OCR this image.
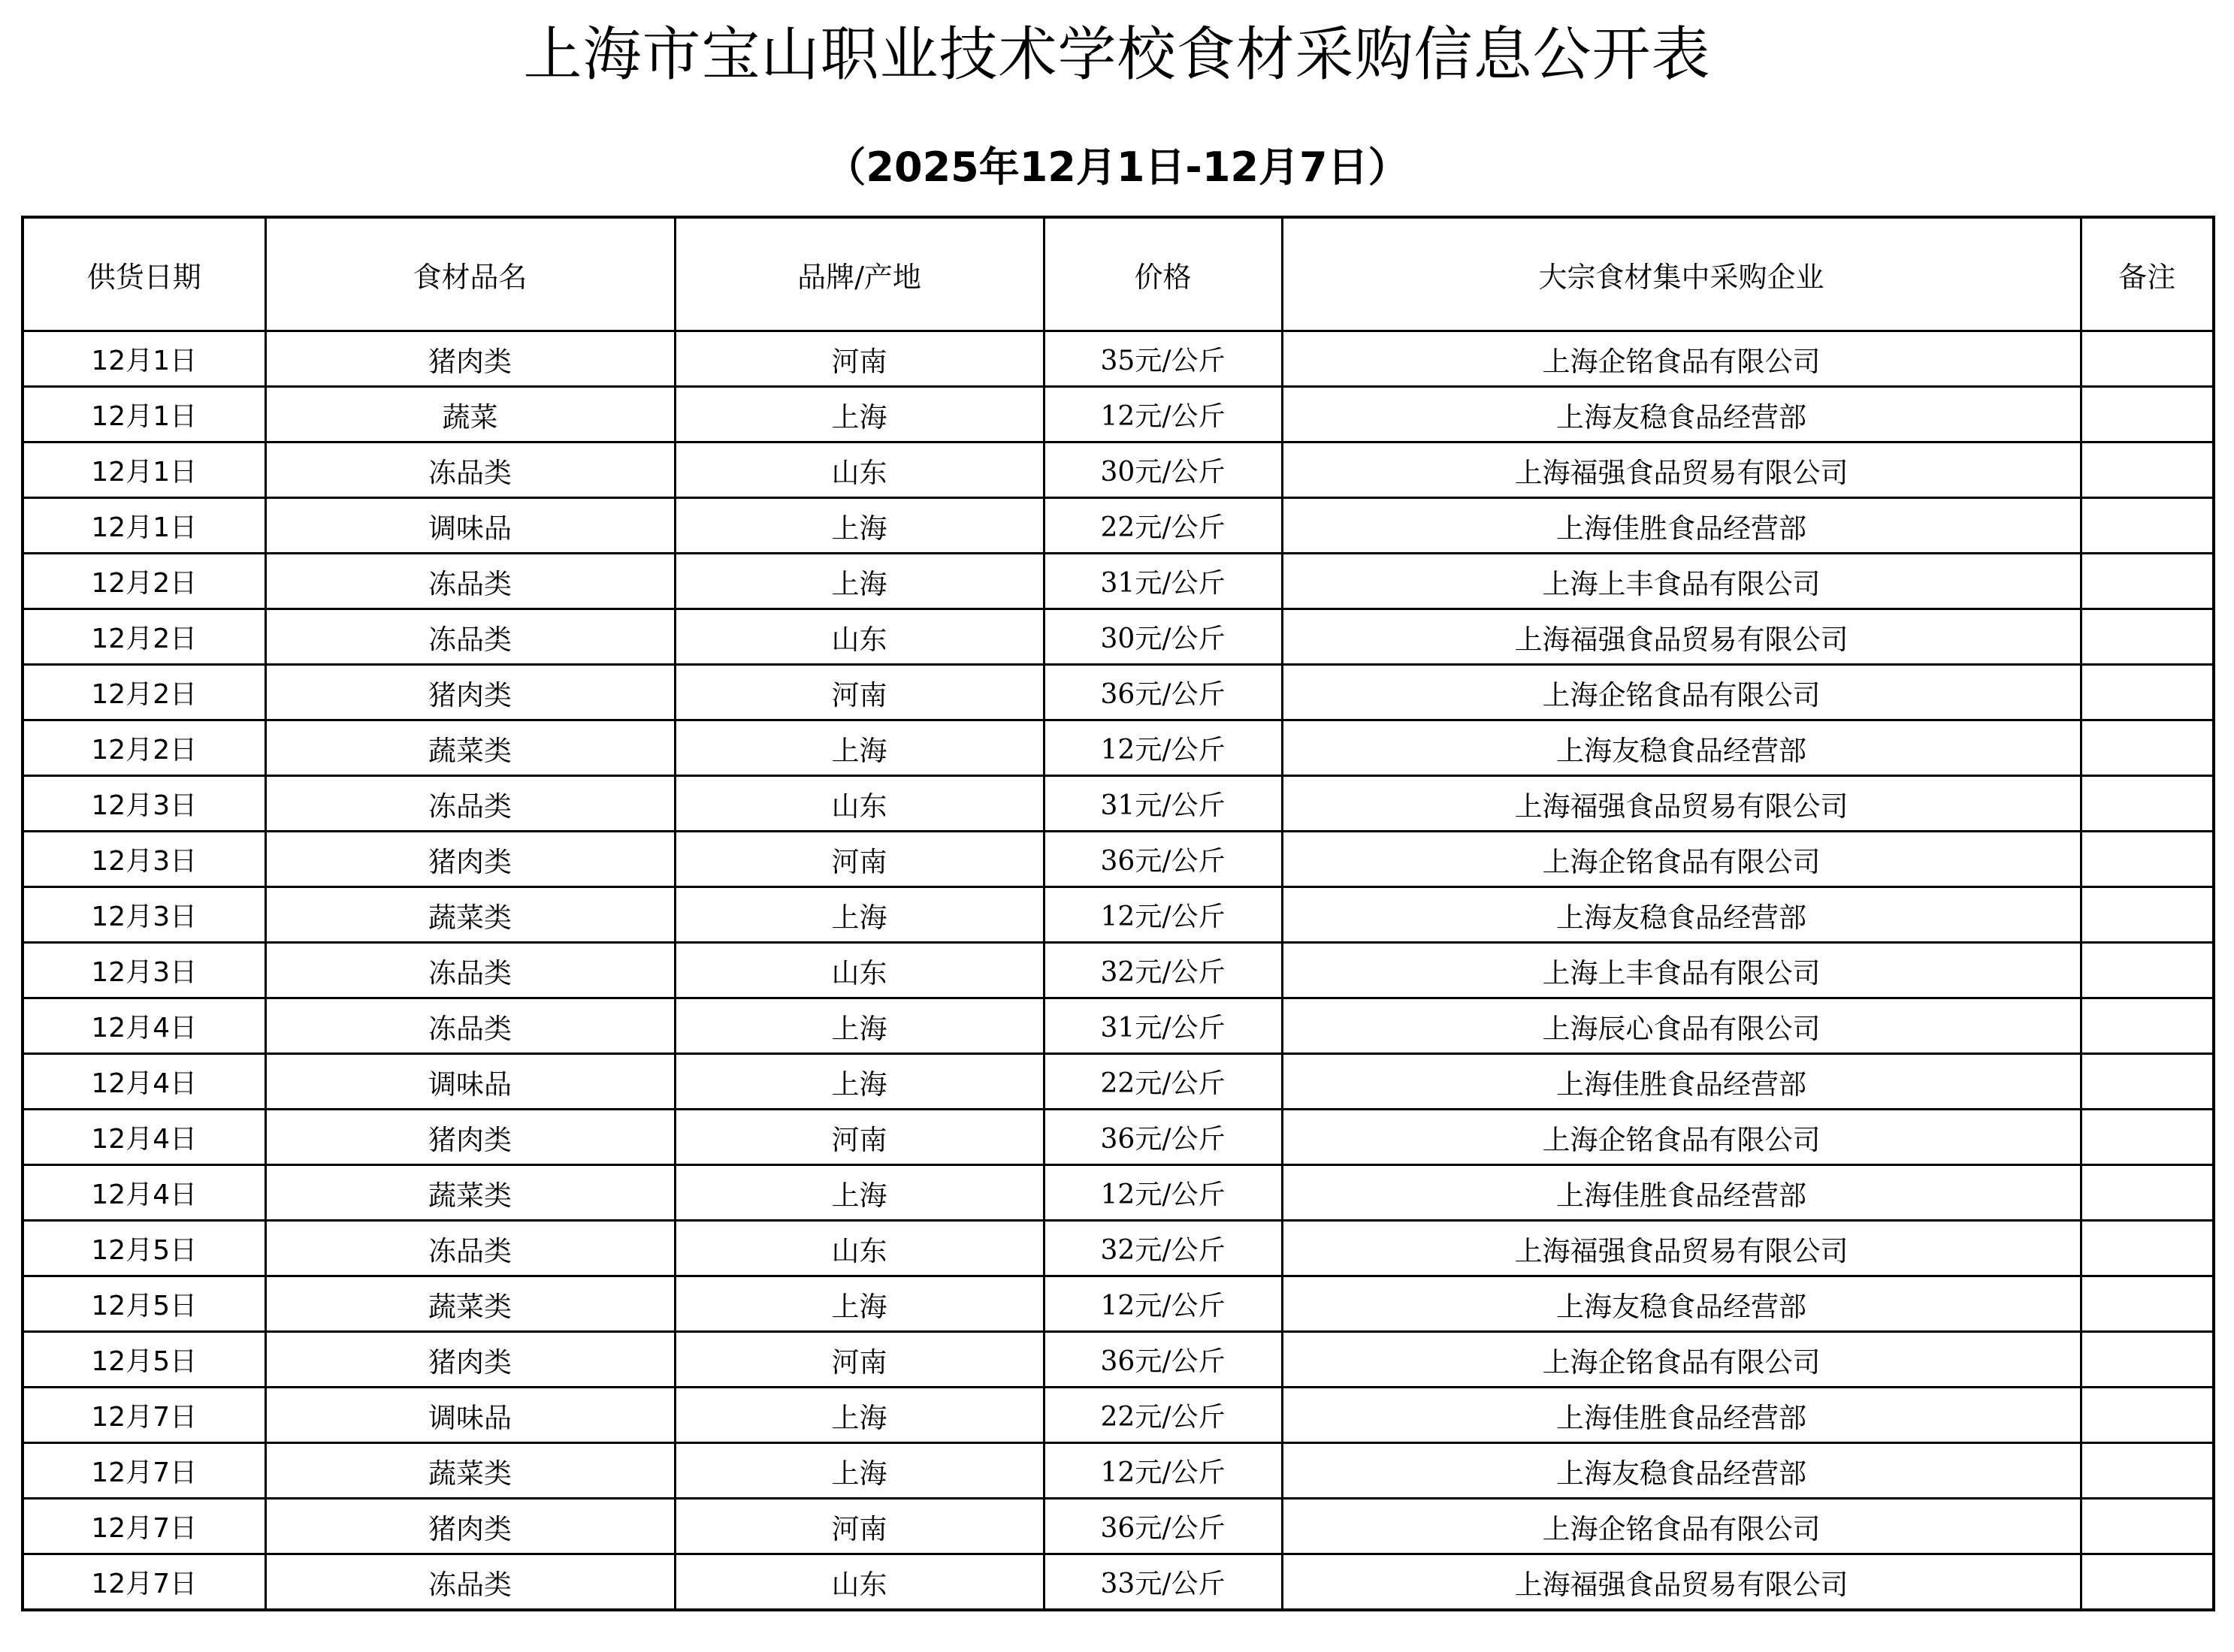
上海市宝山职业技术学校食材采购信息公开表
（2025年12月1日-12月7日）
供货日期	食材品名	品牌/产地	价格	大宗食材集中采购企业	备注
12月1日	猪肉类	河南	35元/公斤	上海企铭食品有限公司	
12月1日	蔬菜	上海	12元/公斤	上海友稳食品经营部	
12月1日	冻品类	山东	30元/公斤	上海福强食品贸易有限公司	
12月1日	调味品	上海	22元/公斤	上海佳胜食品经营部	
12月2日	冻品类	上海	31元/公斤	上海上丰食品有限公司	
12月2日	冻品类	山东	30元/公斤	上海福强食品贸易有限公司	
12月2日	猪肉类	河南	36元/公斤	上海企铭食品有限公司	
12月2日	蔬菜类	上海	12元/公斤	上海友稳食品经营部	
12月3日	冻品类	山东	31元/公斤	上海福强食品贸易有限公司	
12月3日	猪肉类	河南	36元/公斤	上海企铭食品有限公司	
12月3日	蔬菜类	上海	12元/公斤	上海友稳食品经营部	
12月3日	冻品类	山东	32元/公斤	上海上丰食品有限公司	
12月4日	冻品类	上海	31元/公斤	上海辰心食品有限公司	
12月4日	调味品	上海	22元/公斤	上海佳胜食品经营部	
12月4日	猪肉类	河南	36元/公斤	上海企铭食品有限公司	
12月4日	蔬菜类	上海	12元/公斤	上海佳胜食品经营部	
12月5日	冻品类	山东	32元/公斤	上海福强食品贸易有限公司	
12月5日	蔬菜类	上海	12元/公斤	上海友稳食品经营部	
12月5日	猪肉类	河南	36元/公斤	上海企铭食品有限公司	
12月7日	调味品	上海	22元/公斤	上海佳胜食品经营部	
12月7日	蔬菜类	上海	12元/公斤	上海友稳食品经营部	
12月7日	猪肉类	河南	36元/公斤	上海企铭食品有限公司	
12月7日	冻品类	山东	33元/公斤	上海福强食品贸易有限公司	
